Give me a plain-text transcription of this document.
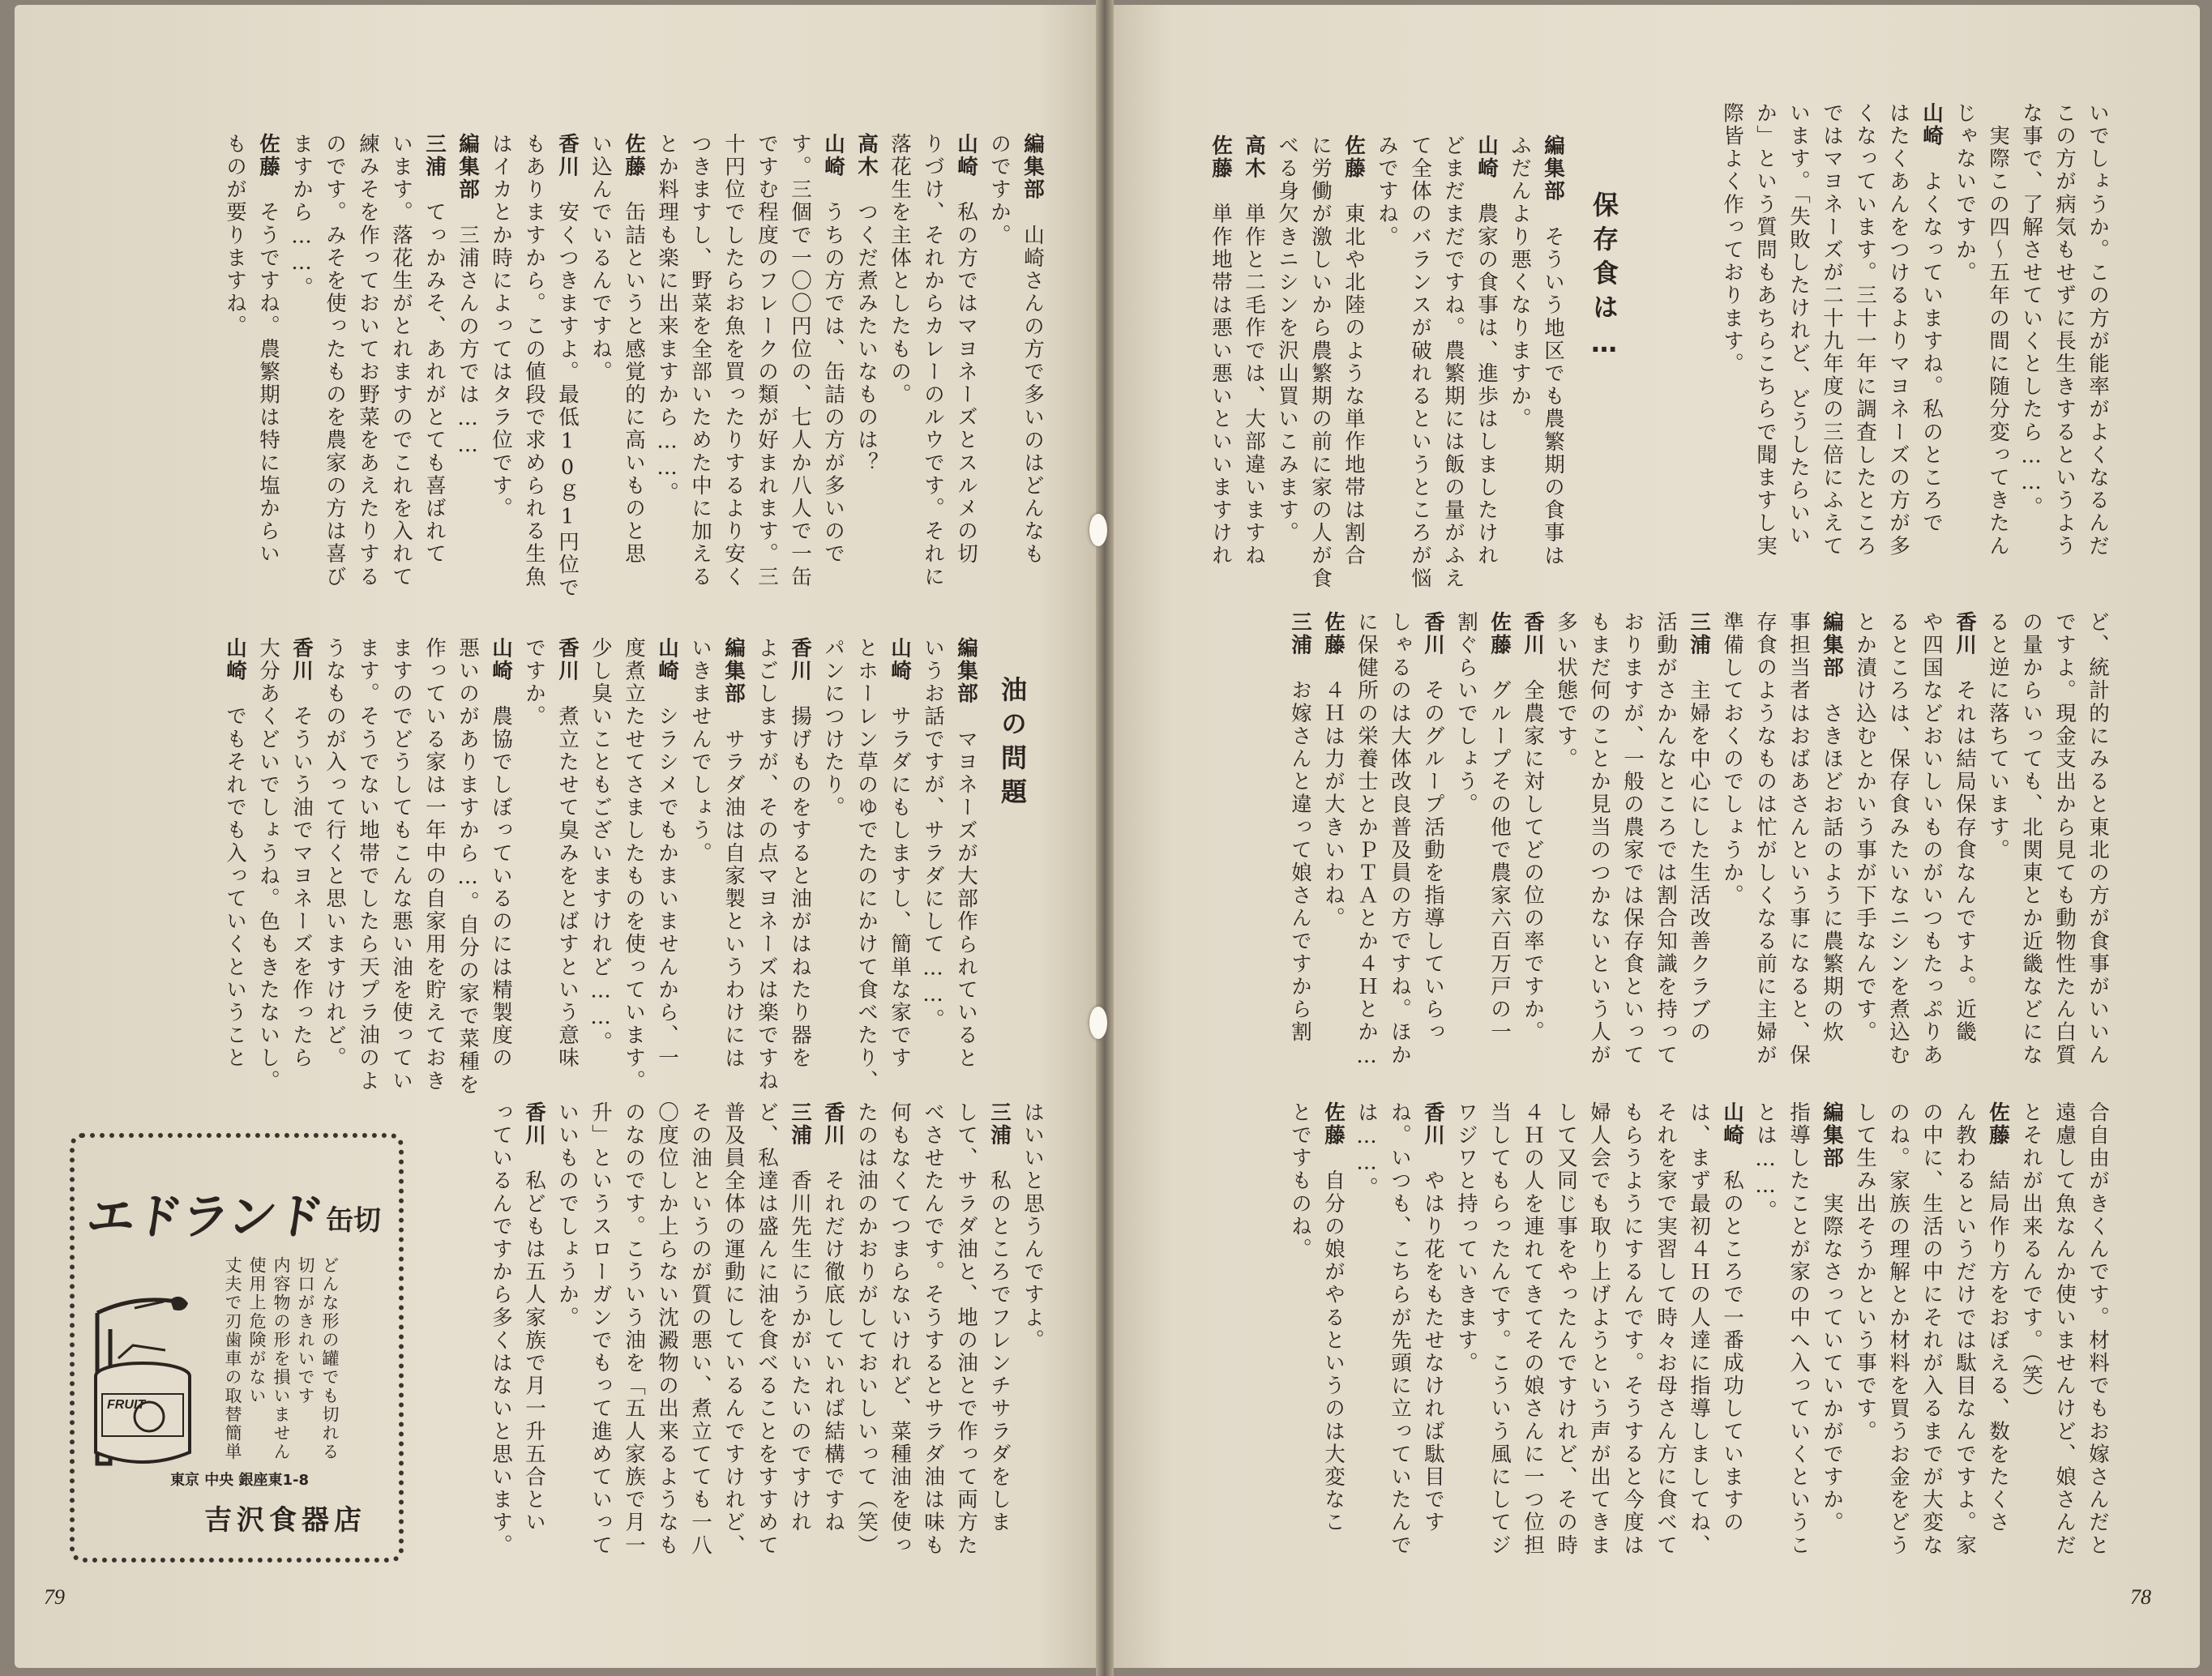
いでしょうか。この方が能率がよくなるんだ

この方が病気もせずに長生きするというよう

な事で、了解させていくとしたら……。

　実際この四～五年の間に随分変ってきたん

じゃないですか。

山崎　よくなっていますね。私のところで

はたくあんをつけるよりマヨネーズの方が多

くなっています。三十一年に調査したところ

ではマヨネーズが二十九年度の三倍にふえて

います。「失敗したけれど、どうしたらいい

か」という質問もあちらこちらで聞ますし実

際皆よく作っております。

保存食は…

編集部　そういう地区でも農繁期の食事は

ふだんより悪くなりますか。

山崎　農家の食事は、進歩はしましたけれ

どまだまだですね。農繁期には飯の量がふえ

て全体のバランスが破れるというところが悩

みですね。

佐藤　東北や北陸のような単作地帯は割合

に労働が激しいから農繁期の前に家の人が食

べる身欠きニシンを沢山買いこみます。

高木　単作と二毛作では、大部違いますね

佐藤　単作地帯は悪い悪いといいますけれ

ど、統計的にみると東北の方が食事がいいん

ですよ。現金支出から見ても動物性たん白質

の量からいっても、北関東とか近畿などにな

ると逆に落ちています。

香川　それは結局保存食なんですよ。近畿

や四国などおいしいものがいつもたっぷりあ

るところは、保存食みたいなニシンを煮込む

とか漬け込むとかいう事が下手なんです。

編集部　さきほどお話のように農繁期の炊

事担当者はおばあさんという事になると、保

存食のようなものは忙がしくなる前に主婦が

準備しておくのでしょうか。

三浦　主婦を中心にした生活改善クラブの

活動がさかんなところでは割合知識を持って

おりますが、一般の農家では保存食といって

もまだ何のことか見当のつかないという人が

多い状態です。

香川　全農家に対してどの位の率ですか。

佐藤　グループその他で農家六百万戸の一

割ぐらいでしょう。

香川　そのグループ活動を指導していらっ

しゃるのは大体改良普及員の方ですね。ほか

に保健所の栄養士とかＰＴＡとか４Ｈとか…

佐藤　４Ｈは力が大きいわね。

三浦　お嫁さんと違って娘さんですから割

合自由がきくんです。材料でもお嫁さんだと

遠慮して魚なんか使いませんけど、娘さんだ

とそれが出来るんです。（笑）

佐藤　結局作り方をおぼえる、数をたくさ

ん教わるというだけでは駄目なんですよ。家

の中に、生活の中にそれが入るまでが大変な

のね。家族の理解とか材料を買うお金をどう

して生み出そうかという事です。

編集部　実際なさっていていかがですか。

指導したことが家の中へ入っていくというこ

とは……。

山崎　私のところで一番成功していますの

は、まず最初４Ｈの人達に指導しましてね、

それを家で実習して時々お母さん方に食べて

もらうようにするんです。そうすると今度は

婦人会でも取り上げようという声が出てきま

して又同じ事をやったんですけれど、その時

４Ｈの人を連れてきてその娘さんに一つ位担

当してもらったんです。こういう風にしてジ

ワジワと持っていきます。

香川　やはり花をもたせなければ駄目です

ね。いつも、こちらが先頭に立っていたんで

は……。

佐藤　自分の娘がやるというのは大変なこ

とですものね。

78

編集部　山崎さんの方で多いのはどんなも

のですか。

山崎　私の方ではマヨネーズとスルメの切

りづけ、それからカレーのルウです。それに

落花生を主体としたもの。

高木　つくだ煮みたいなものは？

山崎　うちの方では、缶詰の方が多いので

す。三個で一〇〇円位の、七人か八人で一缶

ですむ程度のフレークの類が好まれます。三

十円位でしたらお魚を買ったりするより安く

つきますし、野菜を全部いためた中に加える

とか料理も楽に出来ますから……。

佐藤　缶詰というと感覚的に高いものと思

い込んでいるんですね。

香川　安くつきますよ。最低10ｇ1円位で

もありますから。この値段で求められる生魚

はイカとか時によってはタラ位です。

編集部　三浦さんの方では……

三浦　てっかみそ、あれがとても喜ばれて

います。落花生がとれますのでこれを入れて

練みそを作っておいてお野菜をあえたりする

のです。みそを使ったものを農家の方は喜び

ますから……。

佐藤　そうですね。農繁期は特に塩からい

ものが要りますね。

油の問題

編集部　マヨネーズが大部作られていると

いうお話ですが、サラダにして……。

山崎　サラダにもしますし、簡単な家です

とホーレン草のゆでたのにかけて食べたり、

パンにつけたり。

香川　揚げものをすると油がはねたり器を

よごしますが、その点マヨネーズは楽ですね

編集部　サラダ油は自家製というわけには

いきませんでしょう。

山崎　シラシメでもかまいませんから、一

度煮立たせてさましたものを使っています。

少し臭いこともございますけれど……。

香川　煮立たせて臭みをとばすという意味

ですか。

山崎　農協でしぼっているのには精製度の

悪いのがありますから…。自分の家で菜種を

作っている家は一年中の自家用を貯えておき

ますのでどうしてもこんな悪い油を使ってい

ます。そうでない地帯でしたら天プラ油のよ

うなものが入って行くと思いますけれど。

香川　そういう油でマヨネーズを作ったら

大分あくどいでしょうね。色もきたないし。

山崎　でもそれでも入っていくということ

はいいと思うんですよ。

三浦　私のところでフレンチサラダをしま

して、サラダ油と、地の油とで作って両方た

べさせたんです。そうするとサラダ油は味も

何もなくてつまらないけれど、菜種油を使っ

たのは油のかおりがしておいしいって（笑）

香川　それだけ徹底していれば結構ですね

三浦　香川先生にうかがいたいのですけれ

ど、私達は盛んに油を食べることをすすめて

普及員全体の運動にしているんですけれど、

その油というのが質の悪い、煮立てても一八

〇度位しか上らない沈澱物の出来るようなも

のなのです。こういう油を「五人家族で月一

升」というスローガンでもって進めていって

いいものでしょうか。

香川　私どもは五人家族で月一升五合とい

っているんですから多くはないと思います。

エドランド 缶切
FRUIT	どんな形の罐でも切れる

切口がきれいです

内容物の形を損いません

使用上危険がない

丈夫で刃歯車の取替簡単

東京 中央 銀座東1-8
吉沢食器店
79
